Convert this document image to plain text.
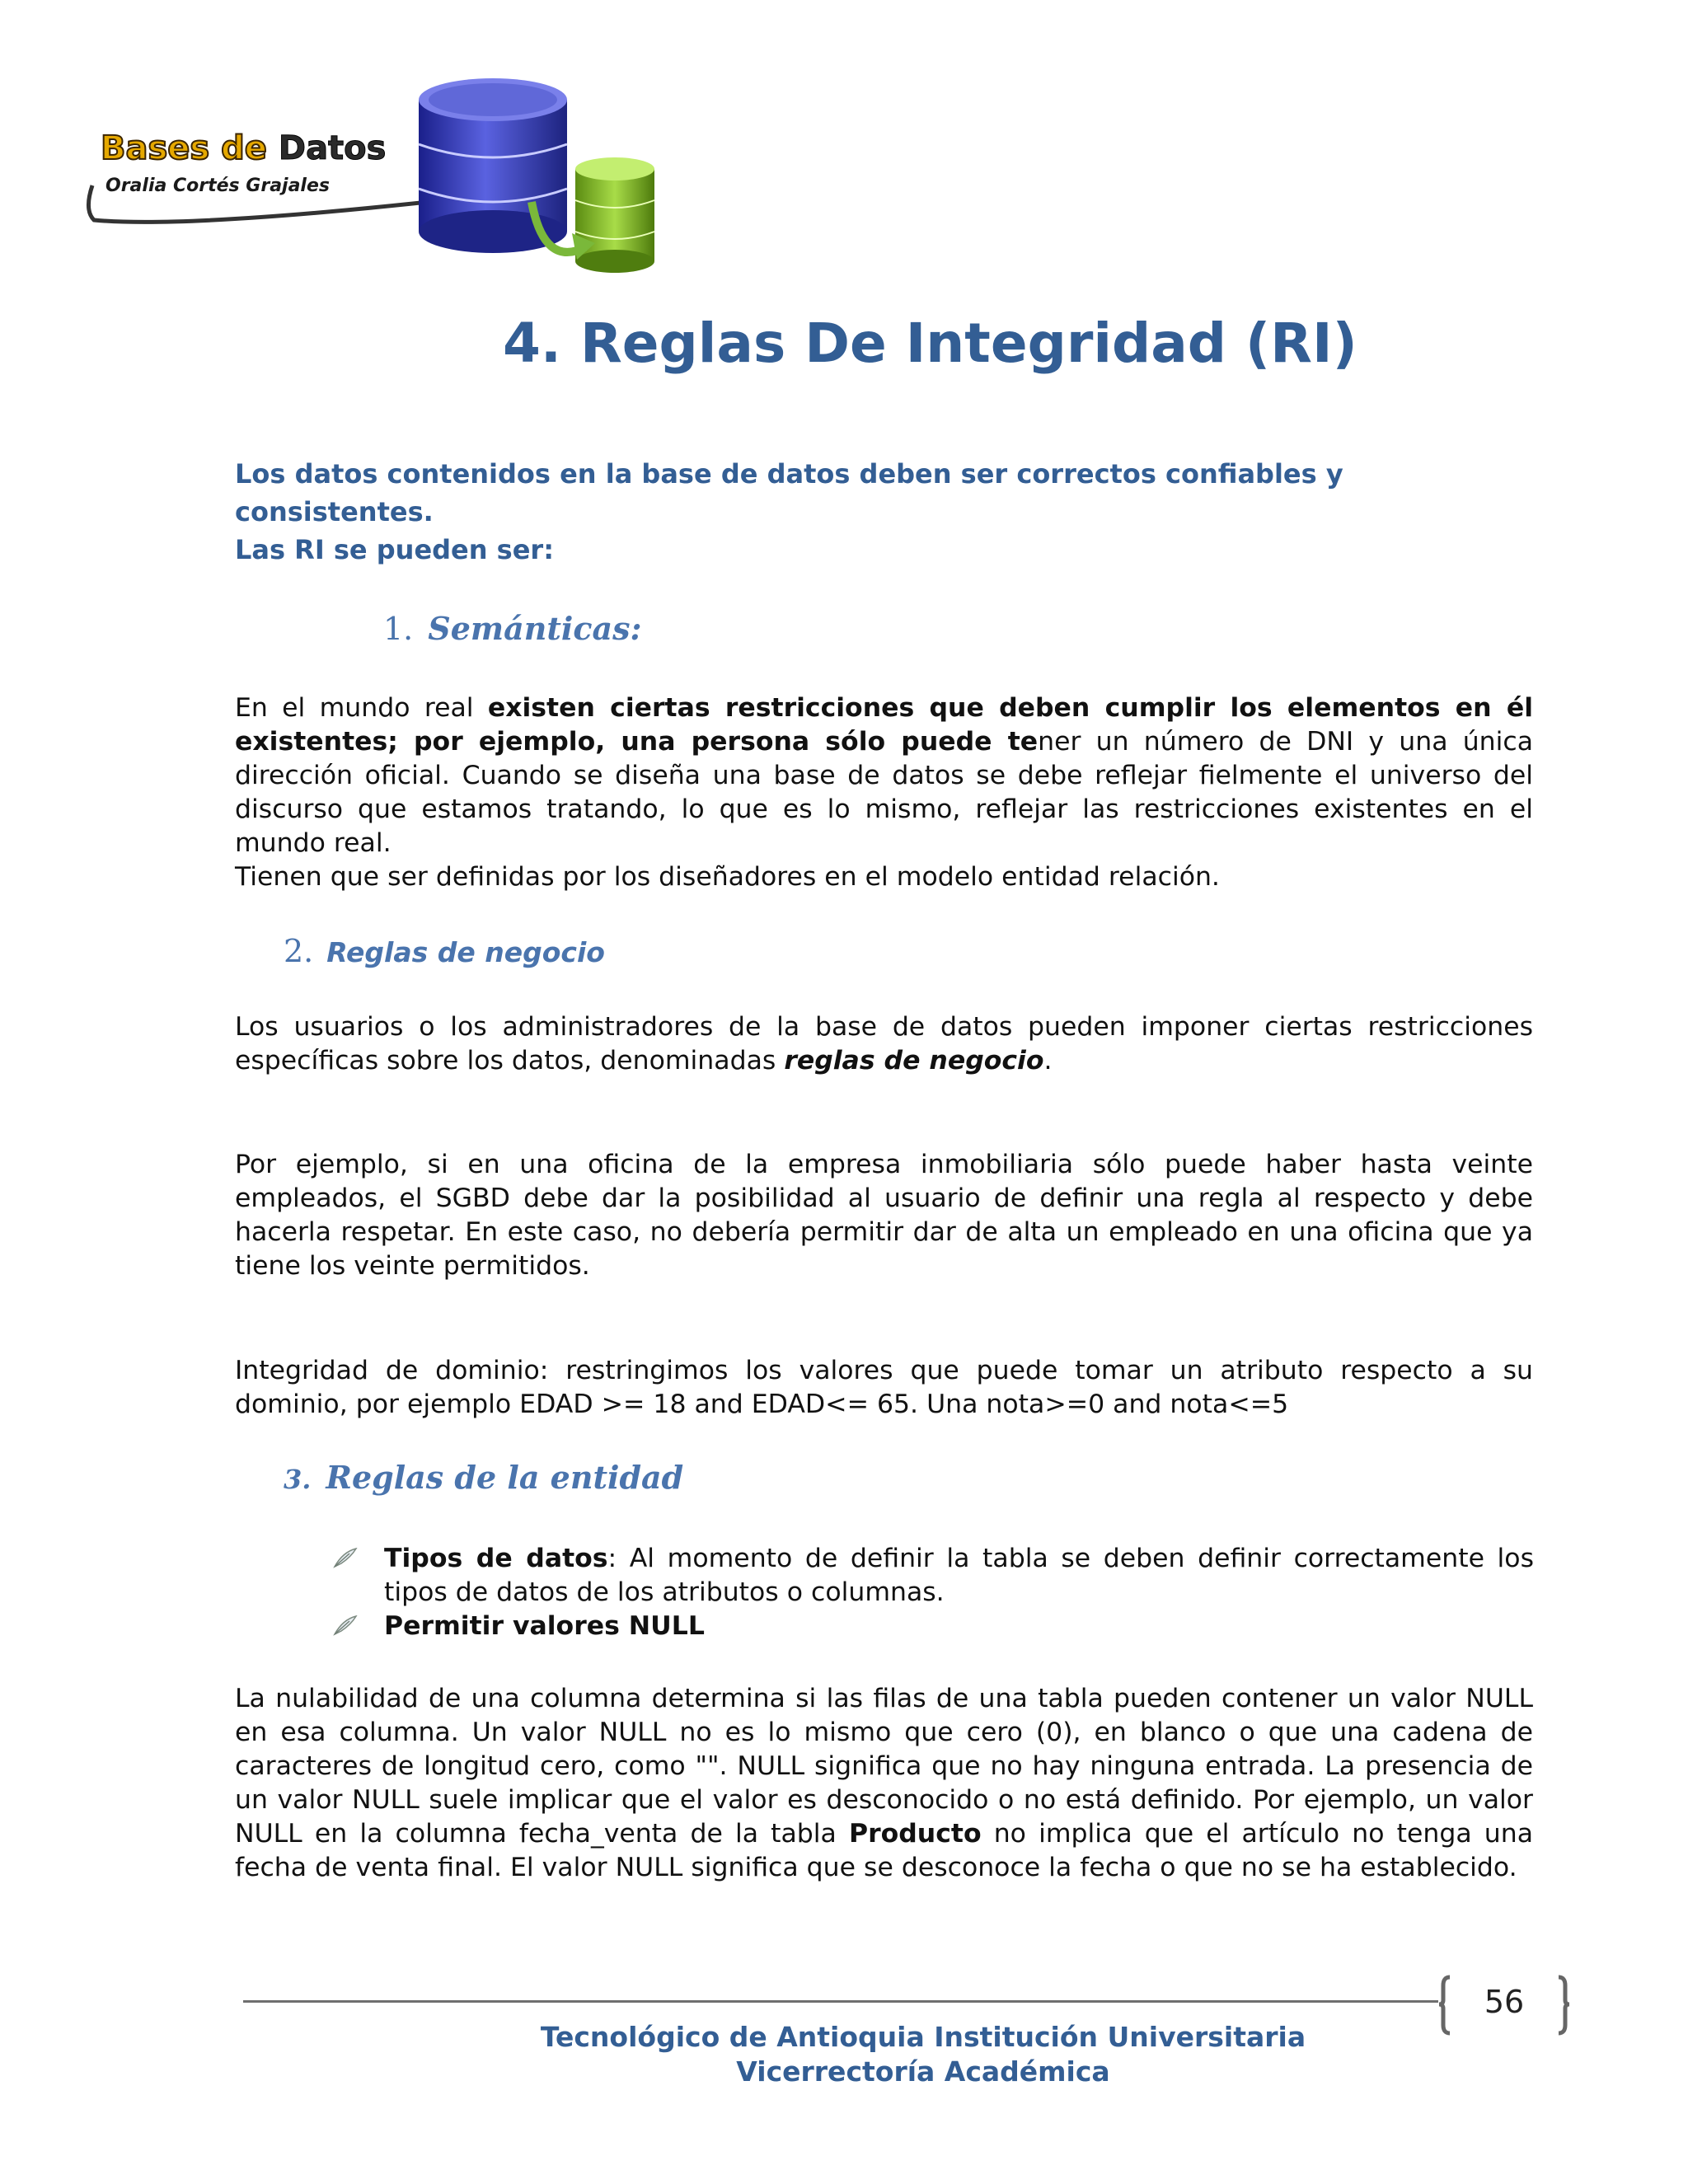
Bases de Datos
Oralia Cortés Grajales
4. Reglas De Integridad (RI)
Los datos contenidos en la base de datos deben ser correctos confiables y
consistentes.
Las RI se pueden ser:
1. Semánticas:
En el mundo real existen ciertas restricciones que deben cumplir los elementos en él existentes; por ejemplo, una persona sólo puede tener un número de DNI y una única dirección oficial. Cuando se diseña una base de datos se debe reflejar fielmente el universo del discurso que estamos tratando, lo que es lo mismo, reflejar las restricciones existentes en el mundo real.
Tienen que ser definidas por los diseñadores en el modelo entidad relación.
2. Reglas de negocio
Los usuarios o los administradores de la base de datos pueden imponer ciertas restricciones específicas sobre los datos, denominadas reglas de negocio.
Por ejemplo, si en una oficina de la empresa inmobiliaria sólo puede haber hasta veinte empleados, el SGBD debe dar la posibilidad al usuario de definir una regla al respecto y debe hacerla respetar. En este caso, no debería permitir dar de alta un empleado en una oficina que ya tiene los veinte permitidos.
Integridad de dominio: restringimos los valores que puede tomar un atributo respecto a su dominio, por ejemplo EDAD >= 18 and EDAD<= 65. Una nota>=0 and nota<=5
3. Reglas de la entidad
Tipos de datos: Al momento de definir la tabla se deben definir correctamente los tipos de datos de los atributos o columnas.
Permitir valores NULL
La nulabilidad de una columna determina si las filas de una tabla pueden contener un valor NULL en esa columna. Un valor NULL no es lo mismo que cero (0), en blanco o que una cadena de caracteres de longitud cero, como "". NULL significa que no hay ninguna entrada. La presencia de un valor NULL suele implicar que el valor es desconocido o no está definido. Por ejemplo, un valor NULL en la columna fecha_venta de la tabla Producto no implica que el artículo no tenga una fecha de venta final. El valor NULL significa que se desconoce la fecha o que no se ha establecido.
56
Tecnológico de Antioquia Institución Universitaria
Vicerrectoría Académica
